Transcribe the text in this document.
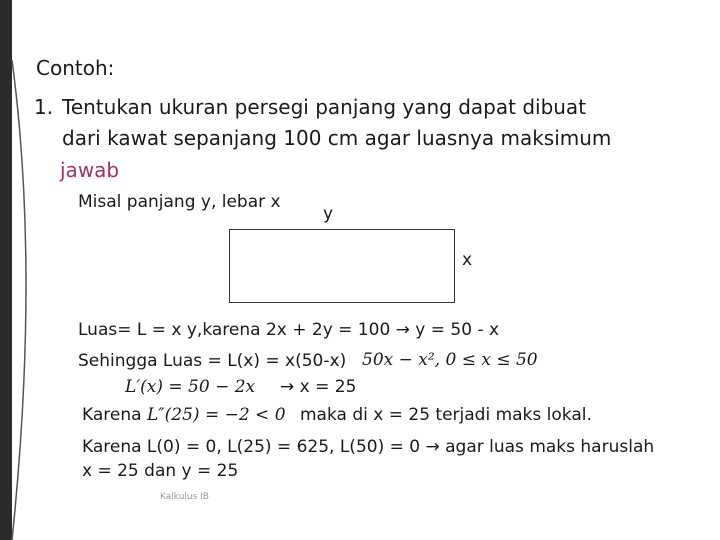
Contoh:
1. Tentukan ukuran persegi panjang yang dapat dibuat
dari kawat sepanjang 100 cm agar luasnya maksimum
jawab
Misal panjang y, lebar x
y
x
Luas= L = x y,karena 2x + 2y = 100 → y = 50 - x
Sehingga Luas = L(x) = x(50-x) 50x − x², 0 ≤ x ≤ 50
L′(x) = 50 − 2x → x = 25
Karena L″(25) = −2 < 0 maka di x = 25 terjadi maks lokal.
Karena L(0) = 0, L(25) = 625, L(50) = 0 → agar luas maks haruslah
x = 25 dan y = 25
Kalkulus IB
